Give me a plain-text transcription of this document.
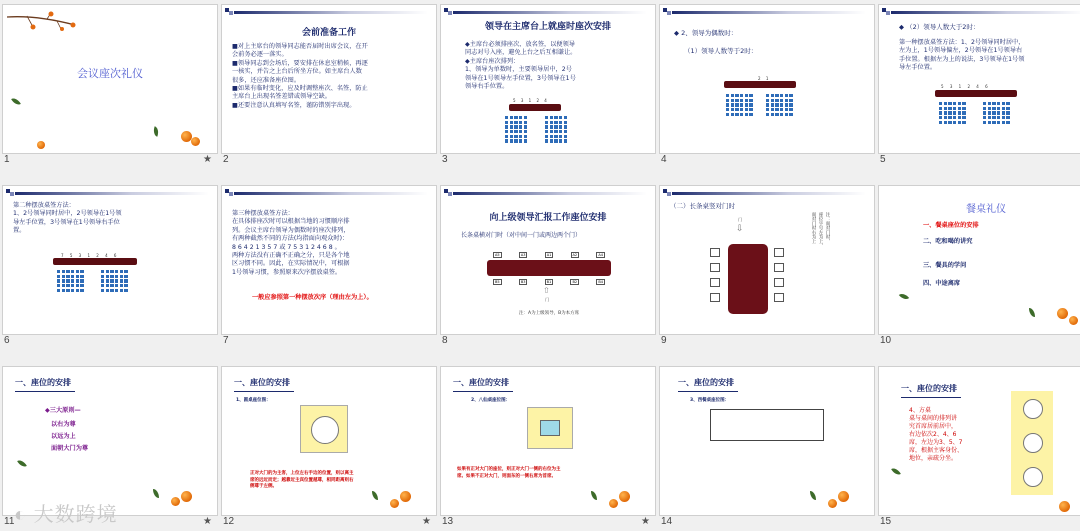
会议座次礼仪
1	★
会前准备工作
■对上主席台的领导同志能否届时出席会议，在开
会前务必逐一落实。
■领导同志到会场后，要安排在休息室稍候，再逐
一核实，并告之上台后所坐方位。如主席台人数
很多，还应准备座位图。
■如果有临时变化，应及时调整座次、名签，防止
主席台上出现名签差错或领导空缺。
■还要注意认真填写名签，谨防错别字出现。
2
领导在主席台上就座时座次安排
◆主席台必须排座次、放名签，以便领导
同志对号入座，避免上台之后互相谦让。
◆主席台座次排列：
1、领导为单数时，主要领导居中，2号
领导在1号领导左手位置，3号领导在1号
领导右手位置。
5 3 1 2 4
3
◆ 2、领导为偶数时：
（1）领导人数等于2时：
2 1
4
◆ （2）领导人数大于2时：
第一种摆放桌签方法：1、2号领导同时居中，
左为上，1号领导偏左，2号领导在1号领导右
手位置。根据左为上的说法，3号领导在1号领
导左手位置。
5 3 1 2 4 6
5
第二种摆放桌签方法：
1、2号领导同时居中，2号领导在1号领
导左手位置，3号领导在1号领导右手位
置。
7 5 3 1 2 4 6
6
第三种摆放桌签方法：
在具体排座次时可以根据当地的习惯顺序排
列。会议主席台领导为偶数时的座次排列，
有两种截然不同的方法(均指面向观众时)：
8 6 4 2 1 3 5 7 或 7 5 3 1 2 4 6 8 。
两种方法没有正确不正确之分，只是各个地
区习惯不同。因此，在实际情况中，可根据
1号领导习惯，参照原来次序摆放桌签。
一般应参照第一种摆放次序（理由左为上）。
7
向上级领导汇报工作座位安排
长条桌横对门时（对中间一门或两边两个门）
A5	A3	A1	A2	A4
B5	B3	B1	B2	B4
⇧
门
注：A为上级领导，B为本方席
8
（二）长条桌竖对门时
门
⇩	注：面对门时，
座位字号左为上，
面对门时右为上
9
餐桌礼仪
一、餐桌座位的安排
二、吃和喝的讲究
三、餐具的学问
四、中途离席
10
一、座位的安排
◆三大原则—
以右为尊
以远为上
面朝大门为尊
11	★
一、座位的安排
1、圆桌座位图：
正对大门的为主客，上位左右手边的位置，则以离主
席的远近而定；越靠近主宾位置越尊，相同距离则右
侧尊于左侧。
12	★
一、座位的安排
2、八仙桌座位图：
如果有正对大门的座位，则正对大门一侧的右位为主
席。如果不正对大门，则面东的一侧右席为首席。
13	★
一、座位的安排
3、西餐桌座位图：
14
一、座位的安排
4、方桌
桌与桌间的排列讲
究首席居前居中，
右边依次2、4、6
席，左边为3、5、7
席，根据主客身份、
地位，亲疏分坐。
15
◐ 大数跨境
